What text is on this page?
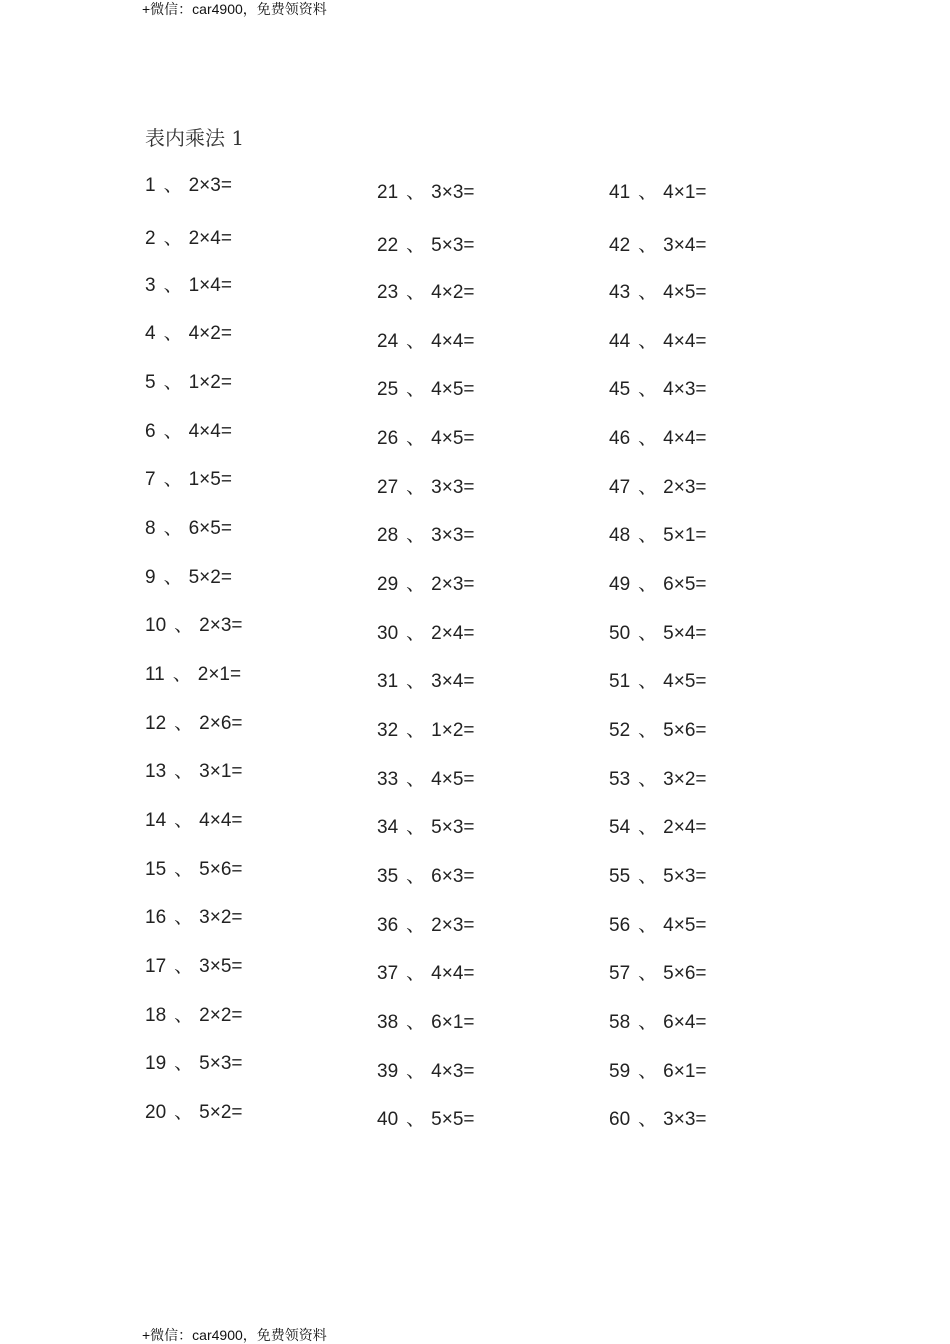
+微信：car4900，免费领资料
表内乘法 1
1 、 2×3=
2 、 2×4=
3 、 1×4=
4 、 4×2=
5 、 1×2=
6 、 4×4=
7 、 1×5=
8 、 6×5=
9 、 5×2=
10 、 2×3=
11 、 2×1=
12 、 2×6=
13 、 3×1=
14 、 4×4=
15 、 5×6=
16 、 3×2=
17 、 3×5=
18 、 2×2=
19 、 5×3=
20 、 5×2=
21 、 3×3=
22 、 5×3=
23 、 4×2=
24 、 4×4=
25 、 4×5=
26 、 4×5=
27 、 3×3=
28 、 3×3=
29 、 2×3=
30 、 2×4=
31 、 3×4=
32 、 1×2=
33 、 4×5=
34 、 5×3=
35 、 6×3=
36 、 2×3=
37 、 4×4=
38 、 6×1=
39 、 4×3=
40 、 5×5=
41 、 4×1=
42 、 3×4=
43 、 4×5=
44 、 4×4=
45 、 4×3=
46 、 4×4=
47 、 2×3=
48 、 5×1=
49 、 6×5=
50 、 5×4=
51 、 4×5=
52 、 5×6=
53 、 3×2=
54 、 2×4=
55 、 5×3=
56 、 4×5=
57 、 5×6=
58 、 6×4=
59 、 6×1=
60 、 3×3=
+微信：car4900，免费领资料
